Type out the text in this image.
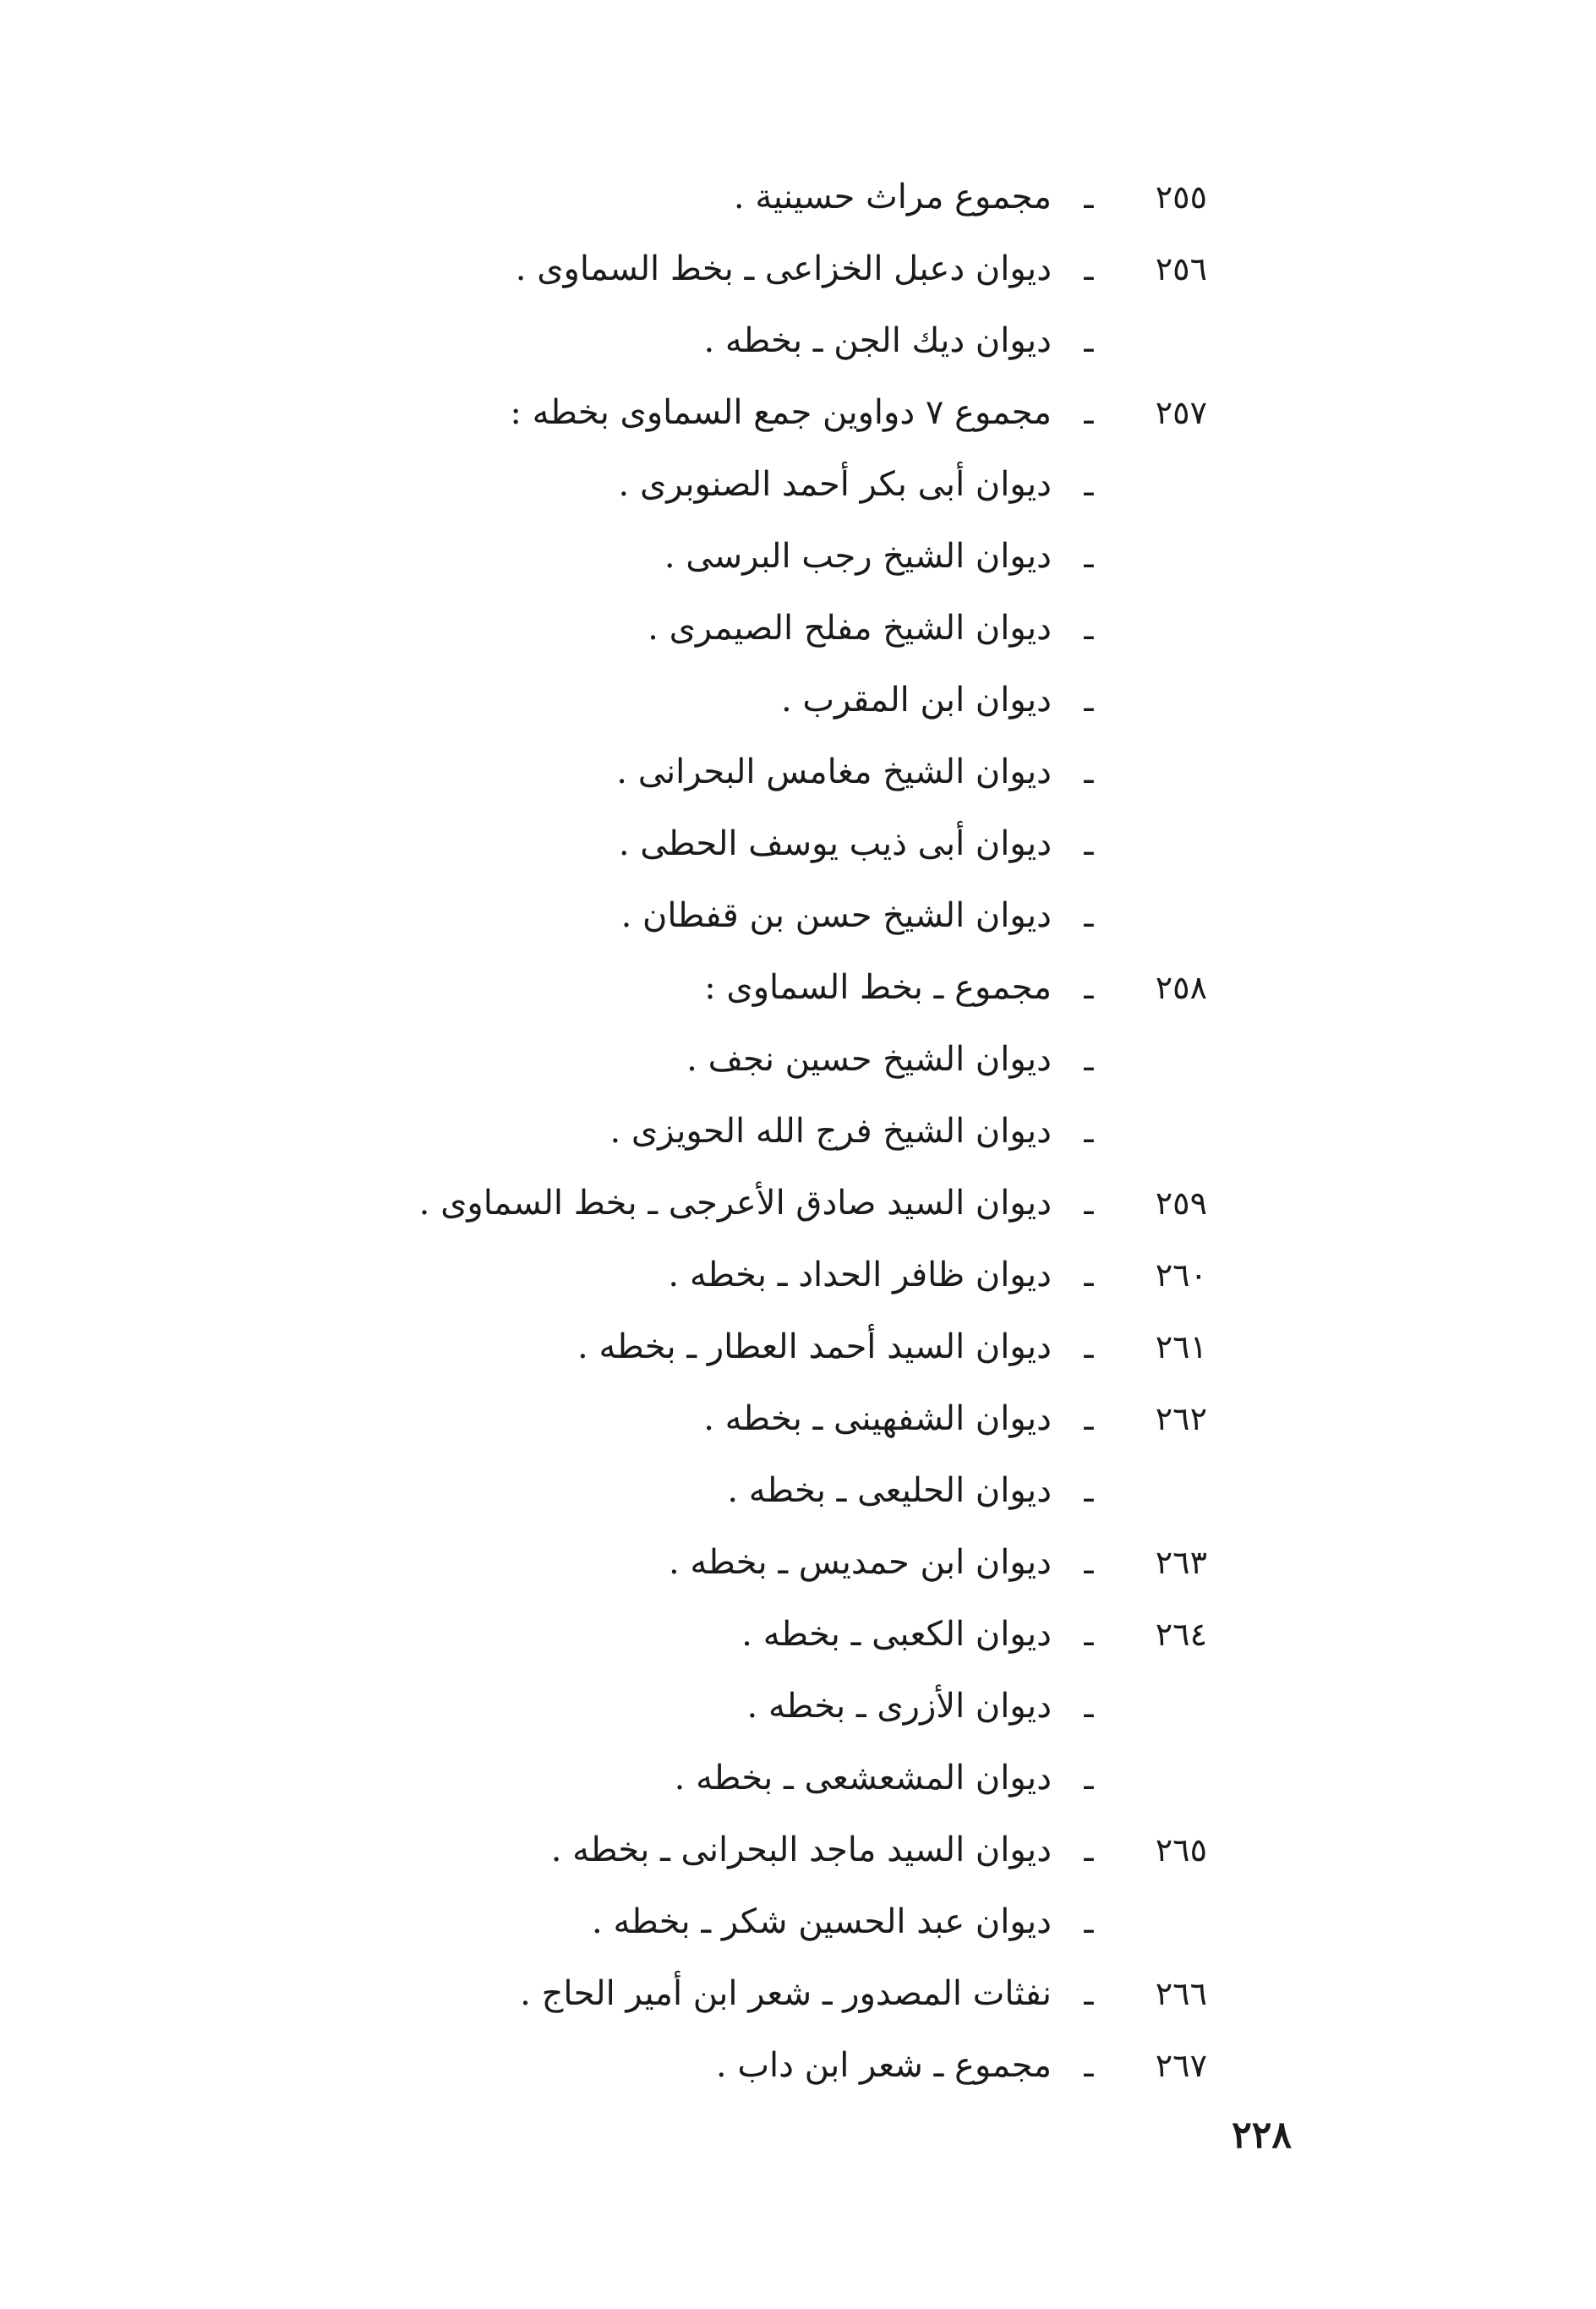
٢٥٥
ـ
مجموع مراث حسينية .
٢٥٦
ـ
ديوان دعبل الخزاعى ـ بخط السماوى .
ـ
ديوان ديك الجن ـ بخطه .
٢٥٧
ـ
مجموع ٧ دواوين جمع السماوى بخطه :
ـ
ديوان أبى بكر أحمد الصنوبرى .
ـ
ديوان الشيخ رجب البرسى .
ـ
ديوان الشيخ مفلح الصيمرى .
ـ
ديوان ابن المقرب .
ـ
ديوان الشيخ مغامس البحرانى .
ـ
ديوان أبى ذيب يوسف الحطى .
ـ
ديوان الشيخ حسن بن قفطان .
٢٥٨
ـ
مجموع ـ بخط السماوى :
ـ
ديوان الشيخ حسين نجف .
ـ
ديوان الشيخ فرج الله الحويزى .
٢٥٩
ـ
ديوان السيد صادق الأعرجى ـ بخط السماوى .
٢٦٠
ـ
ديوان ظافر الحداد ـ بخطه .
٢٦١
ـ
ديوان السيد أحمد العطار ـ بخطه .
٢٦٢
ـ
ديوان الشفهينى ـ بخطه .
ـ
ديوان الحليعى ـ بخطه .
٢٦٣
ـ
ديوان ابن حمديس ـ بخطه .
٢٦٤
ـ
ديوان الكعبى ـ بخطه .
ـ
ديوان الأزرى ـ بخطه .
ـ
ديوان المشعشعى ـ بخطه .
٢٦٥
ـ
ديوان السيد ماجد البحرانى ـ بخطه .
ـ
ديوان عبد الحسين شكر ـ بخطه .
٢٦٦
ـ
نفثات المصدور ـ شعر ابن أمير الحاج .
٢٦٧
ـ
مجموع ـ شعر ابن داب .
٢٢٨
